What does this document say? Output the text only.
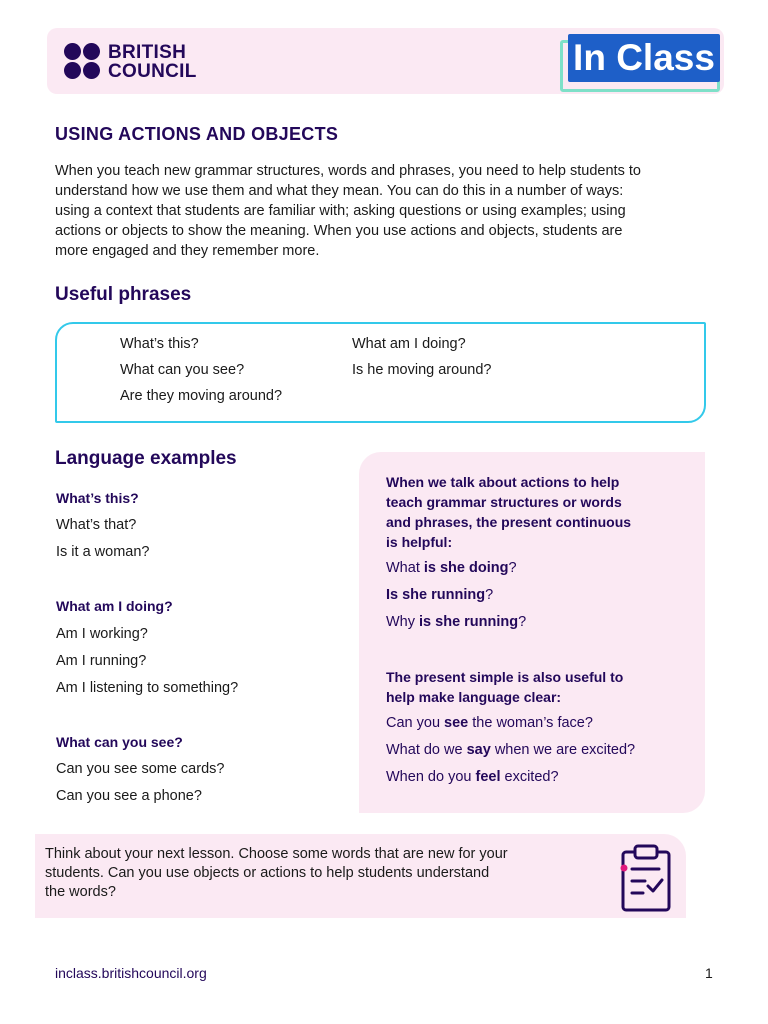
BRITISH
COUNCIL	In Class
USING ACTIONS AND OBJECTS
When you teach new grammar structures, words and phrases, you need to help students to
understand how we use them and what they mean. You can do this in a number of ways:
using a context that students are familiar with; asking questions or using examples; using
actions or objects to show the meaning. When you use actions and objects, students are
more engaged and they remember more.
Useful phrases
What’s this?
What can you see?
Are they moving around?
What am I doing?
Is he moving around?
Language examples
What’s this?
What’s that?
Is it a woman?
What am I doing?
Am I working?
Am I running?
Am I listening to something?
What can you see?
Can you see some cards?
Can you see a phone?
When we talk about actions to help
teach grammar structures or words
and phrases, the present continuous
is helpful:
What is she doing?
Is she running?
Why is she running?
The present simple is also useful to
help make language clear:
Can you see the woman’s face?
What do we say when we are excited?
When do you feel excited?
Think about your next lesson. Choose some words that are new for your
students. Can you use objects or actions to help students understand
the words?
inclass.britishcouncil.org	1
